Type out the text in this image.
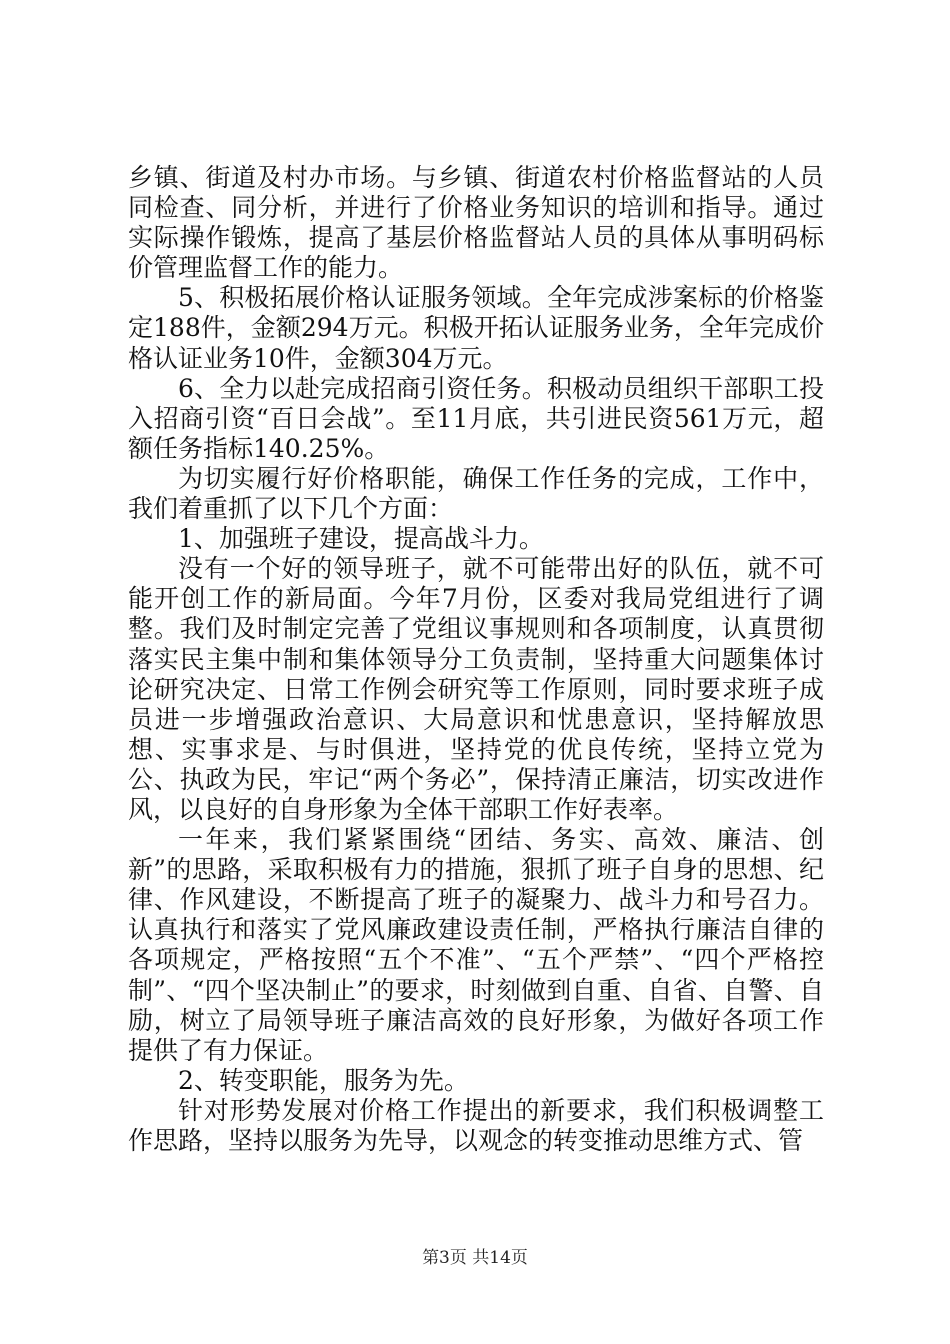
乡镇、街道及村办市场。与乡镇、街道农村价格监督站的人员同检查、同分析，并进行了价格业务知识的培训和指导。通过实际操作锻炼，提高了基层价格监督站人员的具体从事明码标价管理监督工作的能力。

5、积极拓展价格认证服务领域。全年完成涉案标的价格鉴定188件，金额294万元。积极开拓认证服务业务，全年完成价格认证业务10件，金额304万元。

6、全力以赴完成招商引资任务。积极动员组织干部职工投入招商引资“百日会战”。至11月底，共引进民资561万元，超额任务指标140.25%。

为切实履行好价格职能，确保工作任务的完成，工作中，我们着重抓了以下几个方面：

1、加强班子建设，提高战斗力。

没有一个好的领导班子，就不可能带出好的队伍，就不可能开创工作的新局面。今年7月份，区委对我局党组进行了调整。我们及时制定完善了党组议事规则和各项制度，认真贯彻落实民主集中制和集体领导分工负责制，坚持重大问题集体讨论研究决定、日常工作例会研究等工作原则，同时要求班子成员进一步增强政治意识、大局意识和忧患意识，坚持解放思想、实事求是、与时俱进，坚持党的优良传统，坚持立党为公、执政为民，牢记“两个务必”，保持清正廉洁，切实改进作风，以良好的自身形象为全体干部职工作好表率。

一年来，我们紧紧围绕“团结、务实、高效、廉洁、创新”的思路，采取积极有力的措施，狠抓了班子自身的思想、纪律、作风建设，不断提高了班子的凝聚力、战斗力和号召力。认真执行和落实了党风廉政建设责任制，严格执行廉洁自律的各项规定，严格按照“五个不准”、“五个严禁”、“四个严格控制”、“四个坚决制止”的要求，时刻做到自重、自省、自警、自励，树立了局领导班子廉洁高效的良好形象，为做好各项工作提供了有力保证。

2、转变职能，服务为先。

针对形势发展对价格工作提出的新要求，我们积极调整工作思路，坚持以服务为先导，以观念的转变推动思维方式、管

第3页 共14页
